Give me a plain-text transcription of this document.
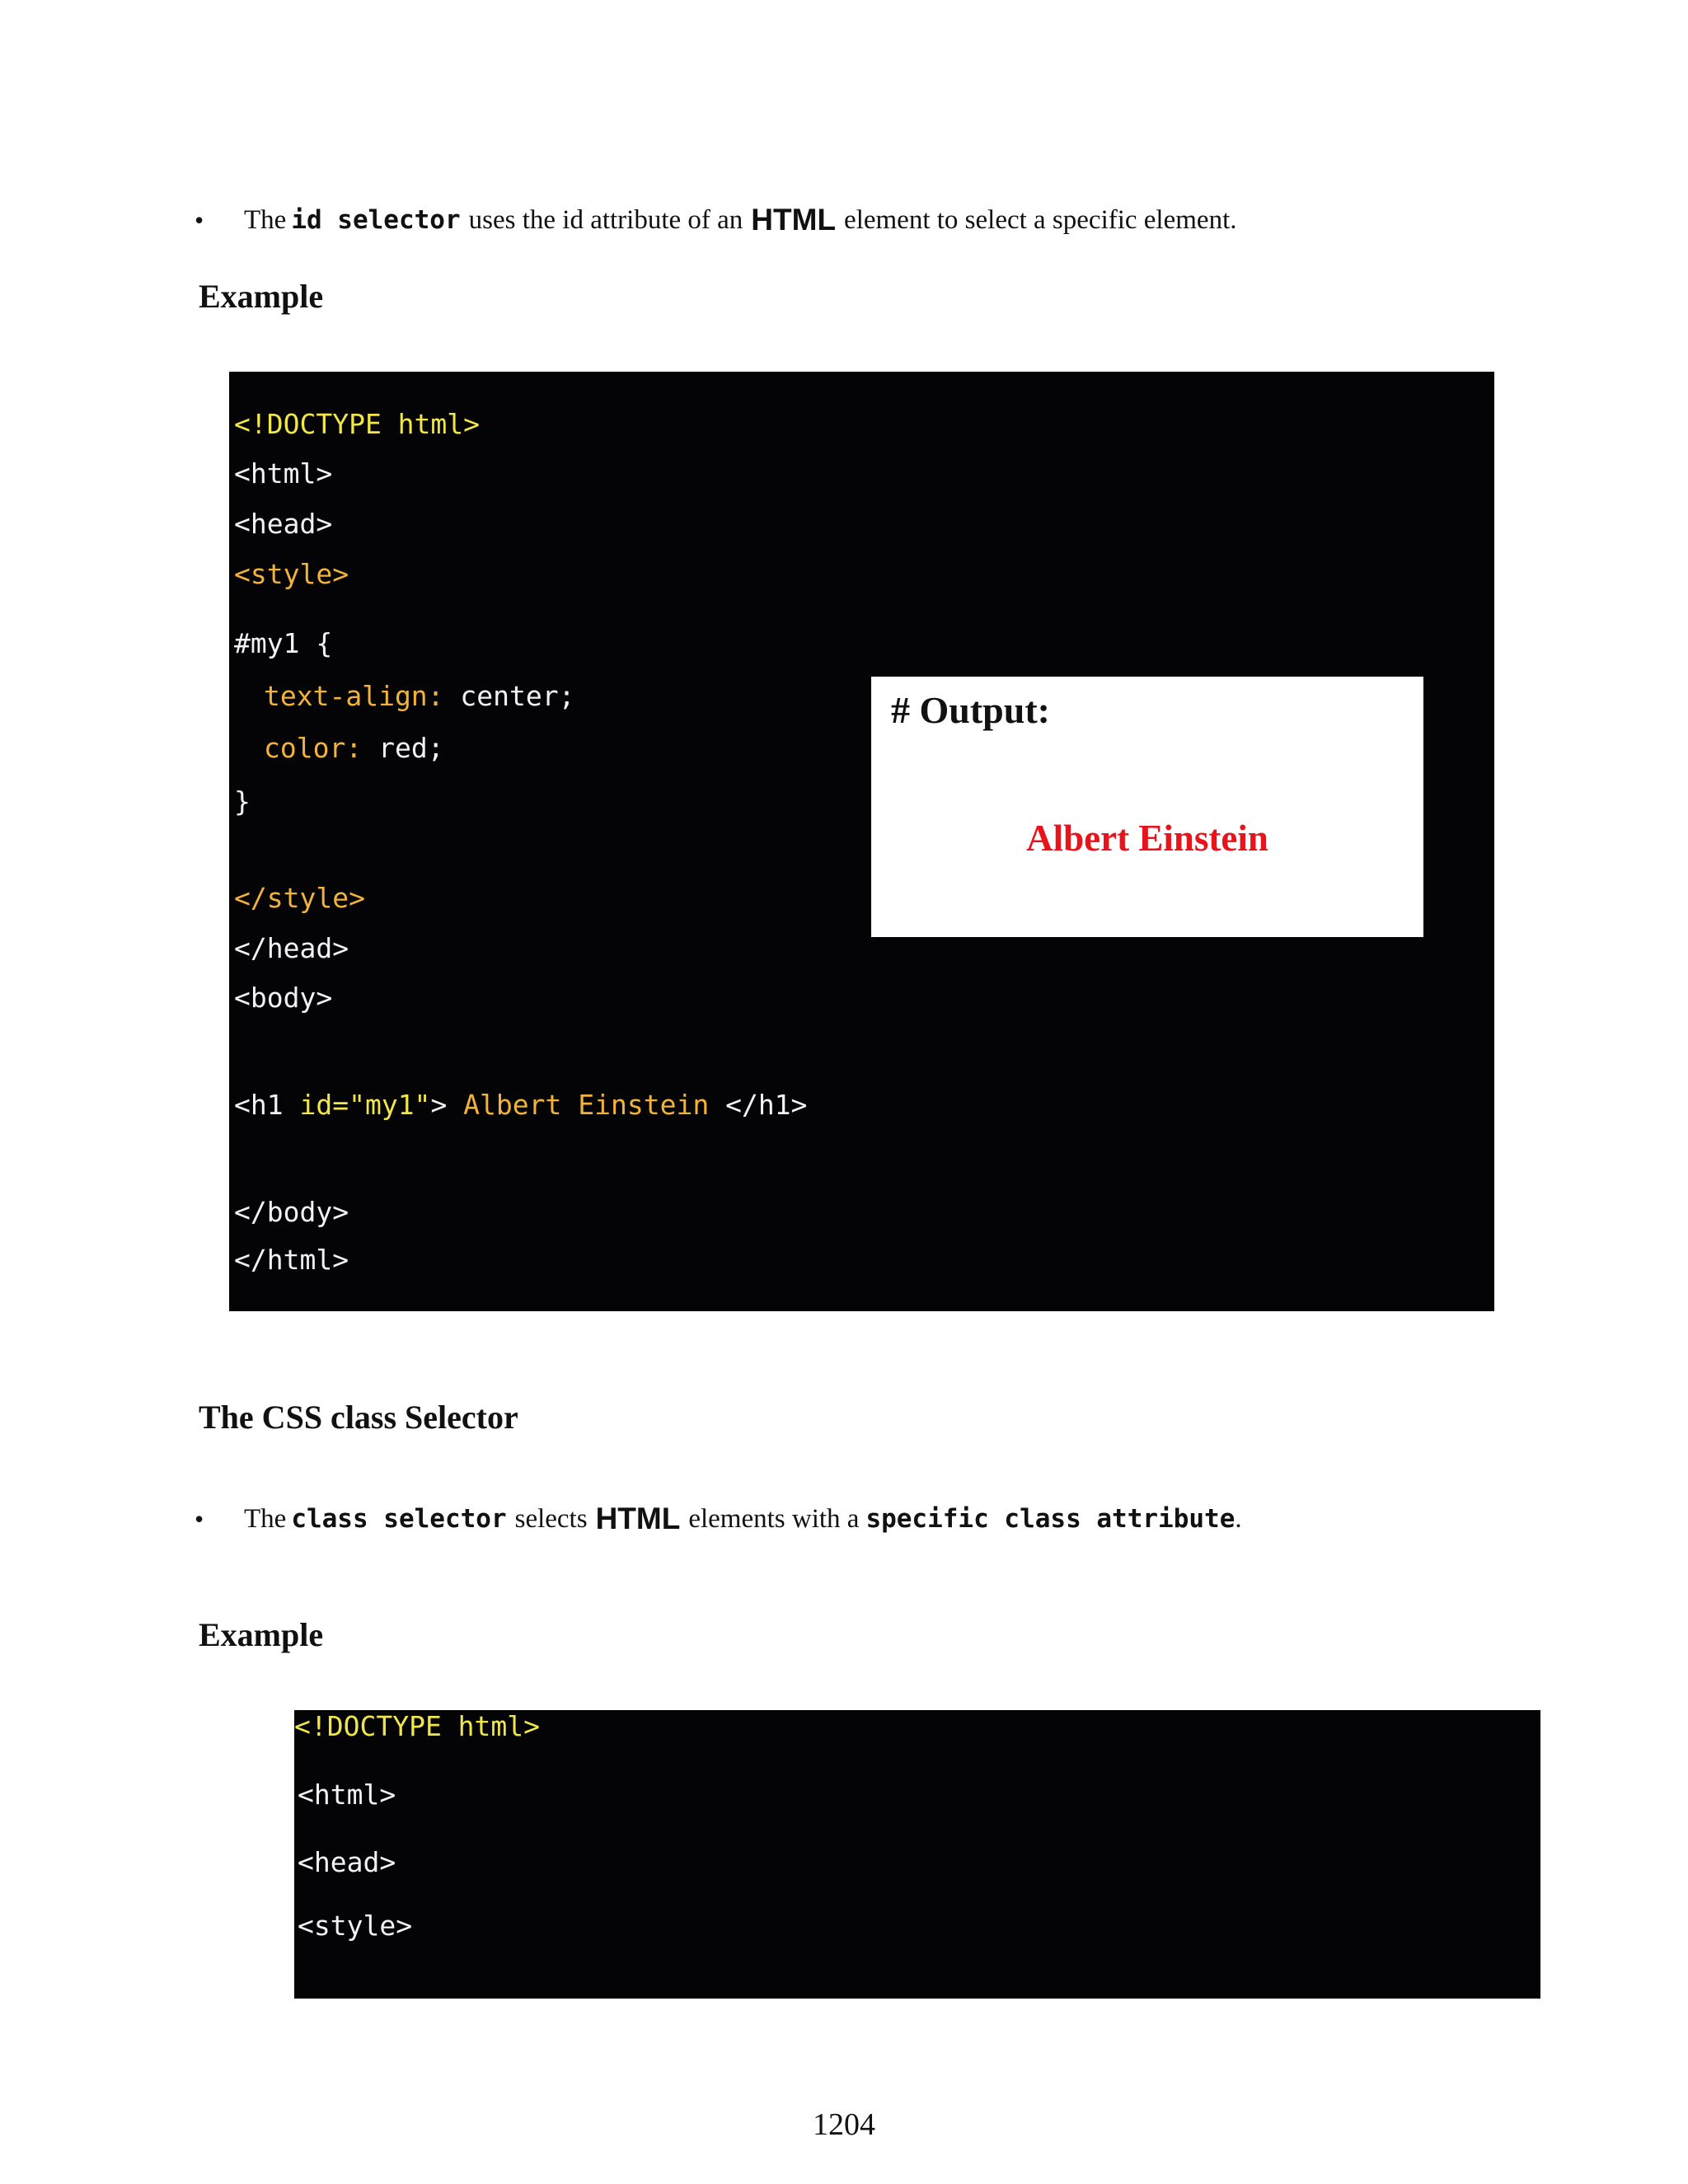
• The id selector uses the id attribute of an HTML element to select a specific element.
Example
<!DOCTYPE html>
<html>
<head>
<style>
#my1 {
text-align: center;
color: red;
}
</style>
</head>
<body>
<h1 id="my1"> Albert Einstein </h1>
</body>
</html>
# Output:
Albert Einstein
The CSS class Selector
• The class selector selects HTML elements with a specific class attribute .
Example
<!DOCTYPE html>
<html>
<head>
<style>
1204
